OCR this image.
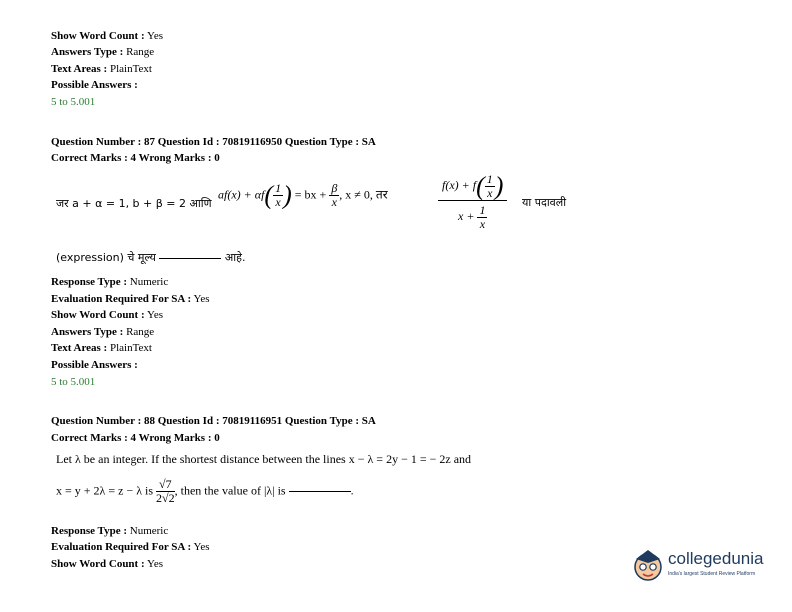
Show Word Count : Yes
Answers Type : Range
Text Areas : PlainText
Possible Answers :
5 to 5.001
Question Number : 87 Question Id : 70819116950 Question Type : SA
Correct Marks : 4 Wrong Marks : 0
जर a + α = 1, b + β = 2 आणि
$af(x) + \alpha f( \frac{1}{x}$ ) = bx + $\frac{\beta}{x}$ , x ≠ 0, तर	$\frac{f(x) + f( \frac{1}{x} )}{x + \frac{1}{x}}$ या पदावली
(expression) चे मूल्य	आहे.
Response Type : Numeric
Evaluation Required For SA : Yes
Show Word Count : Yes
Answers Type : Range
Text Areas : PlainText
Possible Answers :
5 to 5.001
Question Number : 88 Question Id : 70819116951 Question Type : SA
Correct Marks : 4 Wrong Marks : 0
Let λ be an integer. If the shortest distance between the lines x − λ = 2y − 1 = − 2z and
x = y + 2λ = z − λ is $\frac{√7}{2√2}$ , then the value of |λ| is	.
Response Type : Numeric
Evaluation Required For SA : Yes
Show Word Count : Yes	collegedunia
India's largest Student Review Platform
